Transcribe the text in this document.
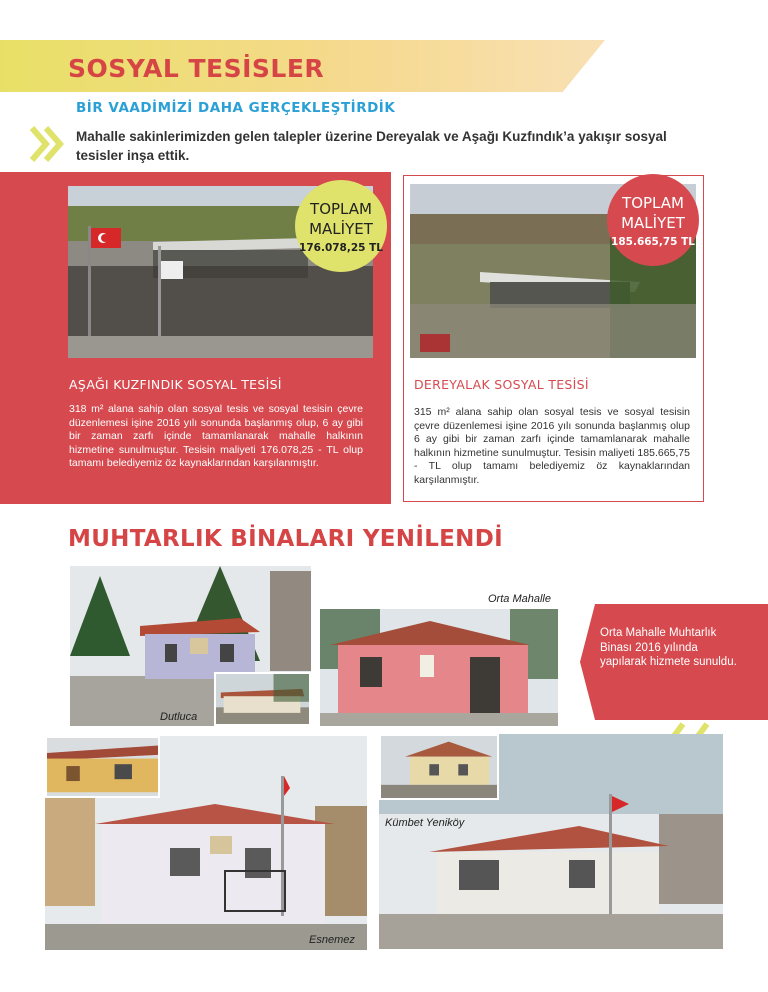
SOSYAL TESİSLER
BİR VAADİMİZİ DAHA GERÇEKLEŞTİRDİK
Mahalle sakinlerimizden gelen talepler üzerine Dereyalak ve Aşağı Kuzfındık’a yakışır sosyal tesisler inşa ettik.
TOPLAM
MALİYET
176.078,25 TL
TOPLAM
MALİYET
185.665,75 TL
AŞAĞI KUZFINDIK SOSYAL TESİSİ
318 m² alana sahip olan sosyal tesis ve sosyal tesisin çevre düzenlemesi işine 2016 yılı sonunda başlanmış olup, 6 ay gibi bir zaman zarfı içinde tamamlanarak mahalle halkının hizmetine sunulmuştur. Tesisin maliyeti 176.078,25 - TL olup tamamı belediyemiz öz kaynaklarından karşılanmıştır.
DEREYALAK SOSYAL TESİSİ
315 m² alana sahip olan sosyal tesis ve sosyal tesisin çevre düzenlemesi işine 2016 yılı sonunda başlanmış olup 6 ay gibi bir zaman zarfı içinde tamamlanarak mahalle halkının hizmetine sunulmuştur. Tesisin maliyeti 185.665,75 - TL olup tamamı belediyemiz öz kaynaklarından karşılanmıştır.
MUHTARLIK BİNALARI YENİLENDİ
Dutluca
Orta Mahalle
Orta Mahalle Muhtarlık Binası 2016 yılında yapılarak hizmete sunuldu.
Esnemez
Kümbet Yeniköy
